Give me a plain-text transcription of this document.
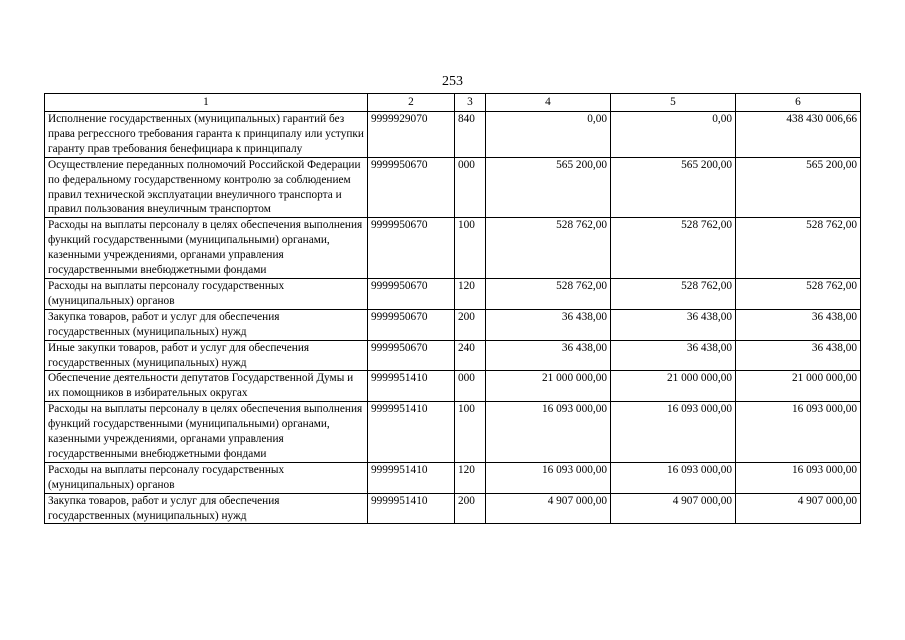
253
1	2	3	4	5	6
Исполнение государственных (муниципальных) гарантий без права регрессного требования гаранта к принципалу или уступки гаранту прав требования бенефициара к принципалу	9999929070	840	0,00	0,00	438 430 006,66
Осуществление переданных полномочий Российской Федерации по федеральному государственному контролю за соблюдением правил технической эксплуатации внеуличного транспорта и правил пользования внеуличным транспортом	9999950670	000	565 200,00	565 200,00	565 200,00
Расходы на выплаты персоналу в целях обеспечения выполнения функций государственными (муниципальными) органами, казенными учреждениями, органами управления государственными внебюджетными фондами	9999950670	100	528 762,00	528 762,00	528 762,00
Расходы на выплаты персоналу государственных (муниципальных) органов	9999950670	120	528 762,00	528 762,00	528 762,00
Закупка товаров, работ и услуг для обеспечения государственных (муниципальных) нужд	9999950670	200	36 438,00	36 438,00	36 438,00
Иные закупки товаров, работ и услуг для обеспечения государственных (муниципальных) нужд	9999950670	240	36 438,00	36 438,00	36 438,00
Обеспечение деятельности депутатов Государственной Думы и их помощников в избирательных округах	9999951410	000	21 000 000,00	21 000 000,00	21 000 000,00
Расходы на выплаты персоналу в целях обеспечения выполнения функций государственными (муниципальными) органами, казенными учреждениями, органами управления государственными внебюджетными фондами	9999951410	100	16 093 000,00	16 093 000,00	16 093 000,00
Расходы на выплаты персоналу государственных (муниципальных) органов	9999951410	120	16 093 000,00	16 093 000,00	16 093 000,00
Закупка товаров, работ и услуг для обеспечения государственных (муниципальных) нужд	9999951410	200	4 907 000,00	4 907 000,00	4 907 000,00
